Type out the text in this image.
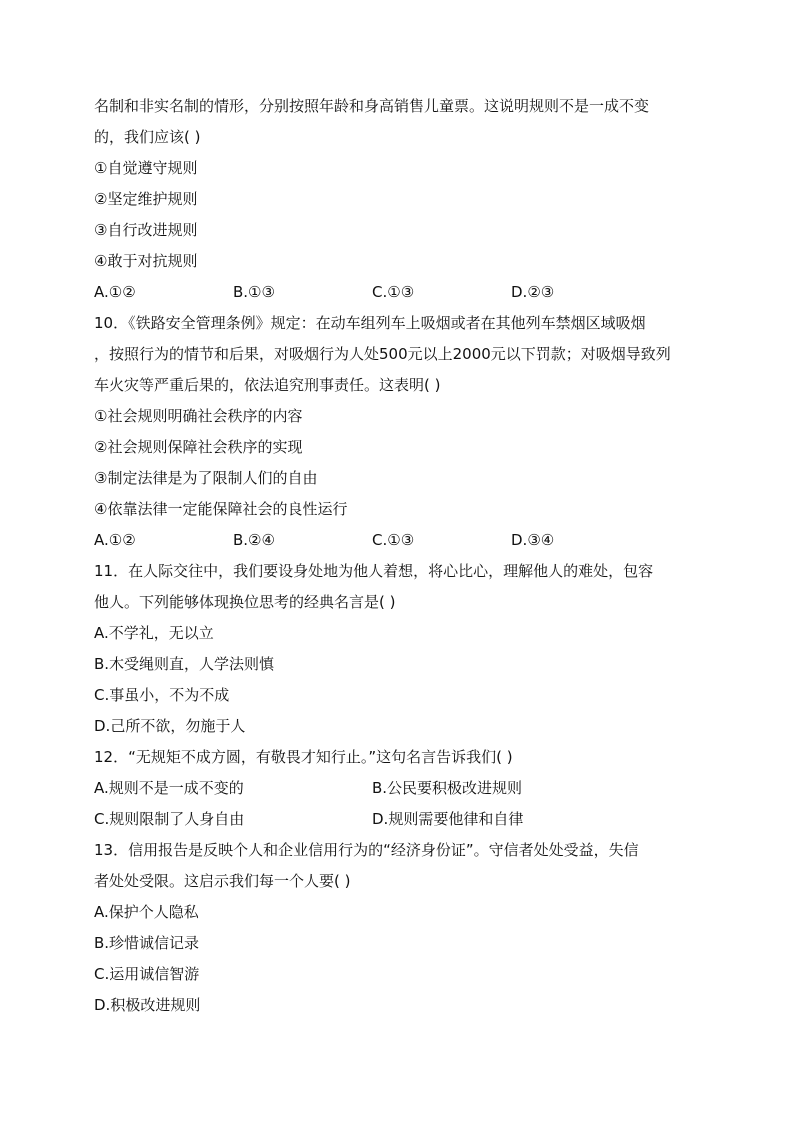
名制和非实名制的情形，分别按照年龄和身高销售儿童票。这说明规则不是一成不变
的，我们应该( )
①自觉遵守规则
②坚定维护规则
③自行改进规则
④敢于对抗规则
A.①②	B.①③	C.①③	D.②③
10．《铁路安全管理条例》规定：在动车组列车上吸烟或者在其他列车禁烟区域吸烟
，按照行为的情节和后果，对吸烟行为人处500元以上2000元以下罚款；对吸烟导致列
车火灾等严重后果的，依法追究刑事责任。这表明( )
①社会规则明确社会秩序的内容
②社会规则保障社会秩序的实现
③制定法律是为了限制人们的自由
④依靠法律一定能保障社会的良性运行
A.①②	B.②④	C.①③	D.③④
11．在人际交往中，我们要设身处地为他人着想，将心比心，理解他人的难处，包容
他人。下列能够体现换位思考的经典名言是( )
A.不学礼，无以立
B.木受绳则直，人学法则慎
C.事虽小，不为不成
D.己所不欲，勿施于人
12．“无规矩不成方圆，有敬畏才知行止。”这句名言告诉我们( )
A.规则不是一成不变的	B.公民要积极改进规则
C.规则限制了人身自由	D.规则需要他律和自律
13．信用报告是反映个人和企业信用行为的“经济身份证”。守信者处处受益，失信
者处处受限。这启示我们每一个人要( )
A.保护个人隐私
B.珍惜诚信记录
C.运用诚信智游
D.积极改进规则
